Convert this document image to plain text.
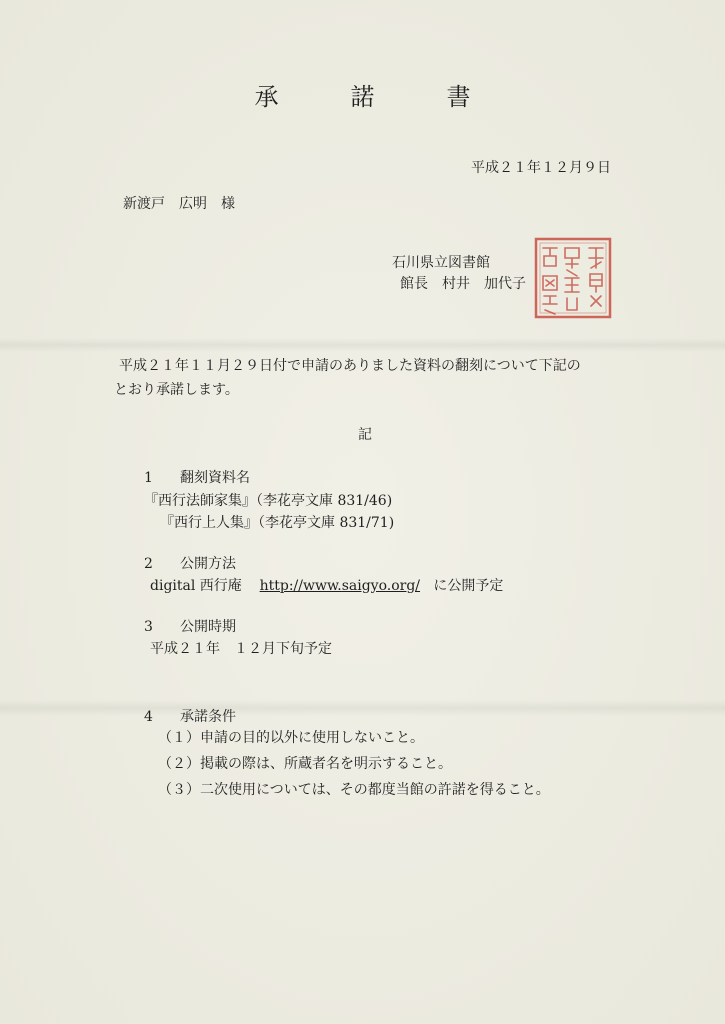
承	諾	書
平成２１年１２月９日
新渡戸　広明　様
石川県立図書館
館長　村井　加代子
平成２１年１１月２９日付で申請のありました資料の翻刻について下記の
とおり承諾します。
記
1 翻刻資料名
『西行法師家集』（李花亭文庫 831/46)
『西行上人集』（李花亭文庫 831/71)
2 公開方法
digital 西行庵 http://www.saigyo.org/ に公開予定
3 公開時期
平成２１年　１２月下旬予定
4 承諾条件
（１）申請の目的以外に使用しないこと。
（２）掲載の際は、所蔵者名を明示すること。
（３）二次使用については、その都度当館の許諾を得ること。
